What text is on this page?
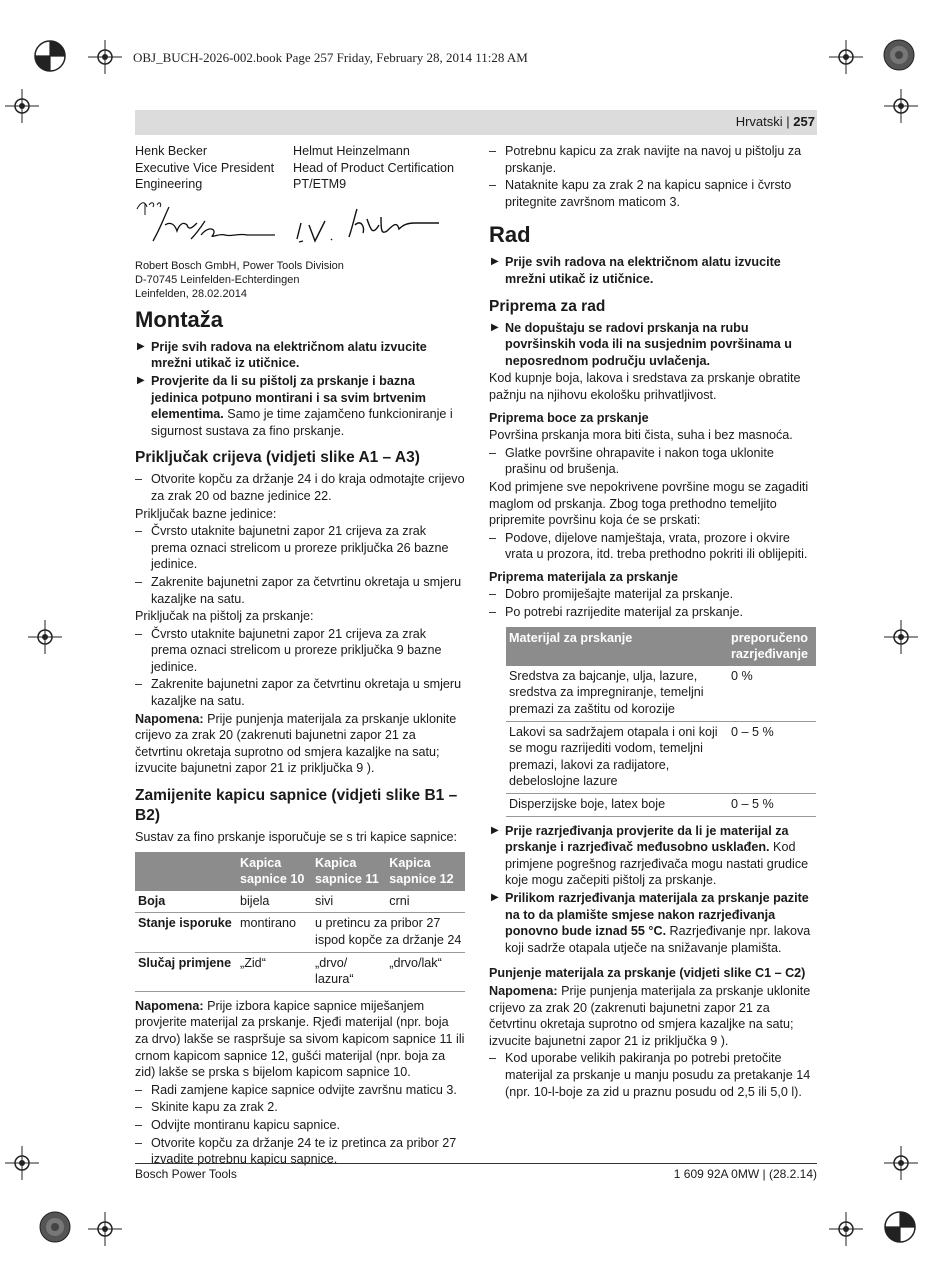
OBJ_BUCH-2026-002.book Page 257 Friday, February 28, 2014 11:28 AM
Hrvatski | 257
Henk Becker
Executive Vice President
Engineering
Helmut Heinzelmann
Head of Product Certification
PT/ETM9
Robert Bosch GmbH, Power Tools Division
D-70745 Leinfelden-Echterdingen
Leinfelden, 28.02.2014
Montaža

▶ Prije svih radova na električnom alatu izvucite mrežni utikač iz utičnice.

▶ Provjerite da li su pištolj za prskanje i bazna jedinica potpuno montirani i sa svim brtvenim elementima. Samo je time zajamčeno funkcioniranje i sigurnost sustava za fino prskanje.

Priključak crijeva (vidjeti slike A1 – A3)

– Otvorite kopču za držanje 24 i do kraja odmotajte crijevo za zrak 20 od bazne jedinice 22.

Priključak bazne jedinice:

– Čvrsto utaknite bajunetni zapor 21 crijeva za zrak prema oznaci strelicom u proreze priključka 26 bazne jedinice.

– Zakrenite bajunetni zapor za četvrtinu okretaja u smjeru kazaljke na satu.

Priključak na pištolj za prskanje:

– Čvrsto utaknite bajunetni zapor 21 crijeva za zrak prema oznaci strelicom u proreze priključka 9 bazne jedinice.

– Zakrenite bajunetni zapor za četvrtinu okretaja u smjeru kazaljke na satu.

Napomena: Prije punjenja materijala za prskanje uklonite crijevo za zrak 20 (zakrenuti bajunetni zapor 21 za četvrtinu okretaja suprotno od smjera kazaljke na satu; izvucite bajunetni zapor 21 iz priključka 9 ).

Zamijenite kapicu sapnice (vidjeti slike B1 – B2)

Sustav za fino prskanje isporučuje se s tri kapice sapnice:

	Kapica sapnice 10	Kapica sapnice 11	Kapica sapnice 12
Boja	bijela	sivi	crni
Stanje isporuke	montirano	u pretincu za pribor 27 ispod kopče za držanje 24	
Slučaj primjene	„Zid“	„drvo/ lazura“	„drvo/lak“

Napomena: Prije izbora kapice sapnice miješanjem provjerite materijal za prskanje. Rjeđi materijal (npr. boja za drvo) lakše se raspršuje sa sivom kapicom sapnice 11 ili crnom kapicom sapnice 12, gušći materijal (npr. boja za zid) lakše se prska s bijelom kapicom sapnice 10.

– Radi zamjene kapice sapnice odvijte završnu maticu 3.

– Skinite kapu za zrak 2.

– Odvijte montiranu kapicu sapnice.

– Otvorite kopču za držanje 24 te iz pretinca za pribor 27 izvadite potrebnu kapicu sapnice.

– Potrebnu kapicu za zrak navijte na navoj u pištolju za prskanje.

– Nataknite kapu za zrak 2 na kapicu sapnice i čvrsto pritegnite završnom maticom 3.

Rad

▶ Prije svih radova na električnom alatu izvucite mrežni utikač iz utičnice.

Priprema za rad

▶ Ne dopuštaju se radovi prskanja na rubu površinskih voda ili na susjednim površinama u neposrednom području uvlačenja.

Kod kupnje boja, lakova i sredstava za prskanje obratite pažnju na njihovu ekološku prihvatljivost.

Priprema boce za prskanje

Površina prskanja mora biti čista, suha i bez masnoća.

– Glatke površine ohrapavite i nakon toga uklonite prašinu od brušenja.

Kod primjene sve nepokrivene površine mogu se zagaditi maglom od prskanja. Zbog toga prethodno temeljito pripremite površinu koja će se prskati:

– Podove, dijelove namještaja, vrata, prozore i okvire vrata u prozora, itd. treba prethodno pokriti ili oblijepiti.

Priprema materijala za prskanje

– Dobro promiješajte materijal za prskanje.

– Po potrebi razrijedite materijal za prskanje.

Materijal za prskanje	preporučeno razrjeđivanje
Sredstva za bajcanje, ulja, lazure, sredstva za impregniranje, temeljni premazi za zaštitu od korozije	0 %
Lakovi sa sadržajem otapala i oni koji se mogu razrijediti vodom, temeljni premazi, lakovi za radijatore, debeloslojne lazure	0 – 5 %
Disperzijske boje, latex boje	0 – 5 %

▶ Prije razrjeđivanja provjerite da li je materijal za prskanje i razrjeđivač međusobno usklađen. Kod primjene pogrešnog razrjeđivača mogu nastati grudice koje mogu začepiti pištolj za prskanje.

▶ Prilikom razrjeđivanja materijala za prskanje pazite na to da plamište smjese nakon razrjeđivanja ponovno bude iznad 55 °C. Razrjeđivanje npr. lakova koji sadrže otapala utječe na snižavanje plamišta.

Punjenje materijala za prskanje (vidjeti slike C1 – C2)

Napomena: Prije punjenja materijala za prskanje uklonite crijevo za zrak 20 (zakrenuti bajunetni zapor 21 za četvrtinu okretaja suprotno od smjera kazaljke na satu; izvucite bajunetni zapor 21 iz priključka 9 ).

– Kod uporabe velikih pakiranja po potrebi pretočite materijal za prskanje u manju posudu za pretakanje 14 (npr. 10-l-boje za zid u praznu posudu od 2,5 ili 5,0 l).

Bosch Power Tools	1 609 92A 0MW | (28.2.14)
